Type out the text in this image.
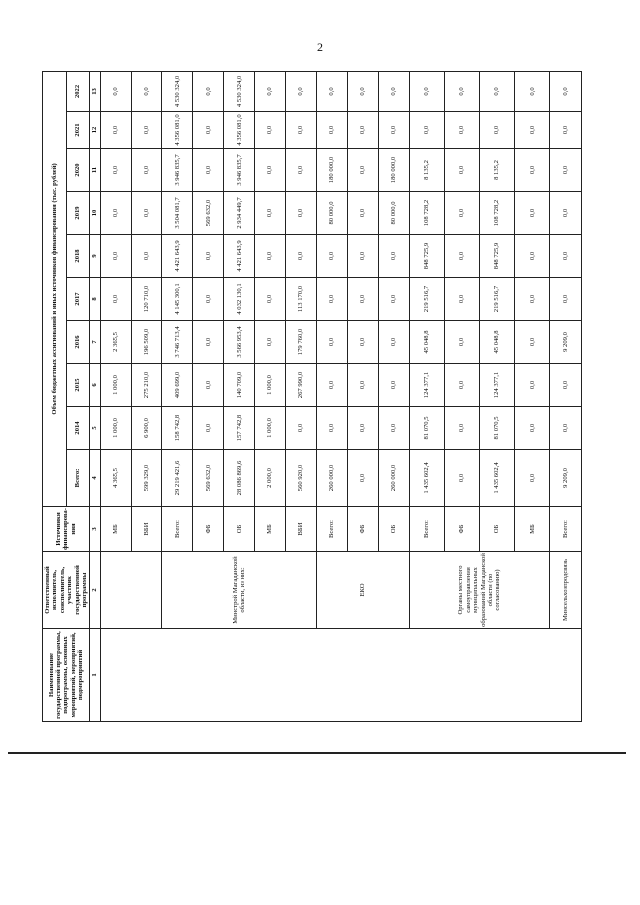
2
Наименование государственной программы, подпрограммы, основных мероприятий, мероприятий, подмероприятий	Ответственный исполнитель, соисполнитель, участник государственной программы	Источники финансирова- ния	Объем бюджетных ассигнований и иных источников финансирования (тыс. рублей)									
			Всего:	2014	2015	2016	2017	2018	2019	2020	2021	2022
1	2	3	4	5	6	7	8	9	10	11	12	13
		МБ	4 365,5	1 000,0	1 000,0	2 365,5	0,0	0,0	0,0	0,0	0,0	0,0
		ВБИ	599 329,0	6 900,0	275 210,0	196 509,0	120 710,0	0,0	0,0	0,0	0,0	0,0
	Минстрой Магаданской области, из них:	Всего:	29 219 421,6	158 742,8	409 699,0	3 746 713,4	4 145 300,1	4 421 643,9	3 504 081,7	3 946 835,7	4 356 081,0	4 530 324,0
		ФБ	569 632,0	0,0	0,0	0,0	0,0	0,0	569 632,0	0,0	0,0	0,0
		ОБ	28 086 869,6	157 742,8	140 709,0	3 566 953,4	4 032 130,1	4 421 643,9	2 934 449,7	3 946 835,7	4 356 081,0	4 530 324,0
		МБ	2 000,0	1 000,0	1 000,0	0,0	0,0	0,0	0,0	0,0	0,0	0,0
		ВБИ	560 920,0	0,0	267 990,0	179 760,0	113 170,0	0,0	0,0	0,0	0,0	0,0
	ЕКО	Всего:	260 000,0	0,0	0,0	0,0	0,0	0,0	80 000,0	180 000,0	0,0	0,0
		ФБ	0,0	0,0	0,0	0,0	0,0	0,0	0,0	0,0	0,0	0,0
		ОБ	260 000,0	0,0	0,0	0,0	0,0	0,0	80 000,0	180 000,0	0,0	0,0
	Органы местного самоуправления муниципальных образований Магаданской области (по согласованию)	Всего:	1 435 602,4	81 070,5	124 377,1	45 048,8	219 516,7	848 725,9	108 728,2	8 135,2	0,0	0,0
		ФБ	0,0	0,0	0,0	0,0	0,0	0,0	0,0	0,0	0,0	0,0
		ОБ	1 435 602,4	81 070,5	124 377,1	45 048,8	219 516,7	848 725,9	108 728,2	8 135,2	0,0	0,0
		МБ	0,0	0,0	0,0	0,0	0,0	0,0	0,0	0,0	0,0	0,0
	Минсельхозпродсвязь	Всего:	9 209,0	0,0	0,0	9 209,0	0,0	0,0	0,0	0,0	0,0	0,0
